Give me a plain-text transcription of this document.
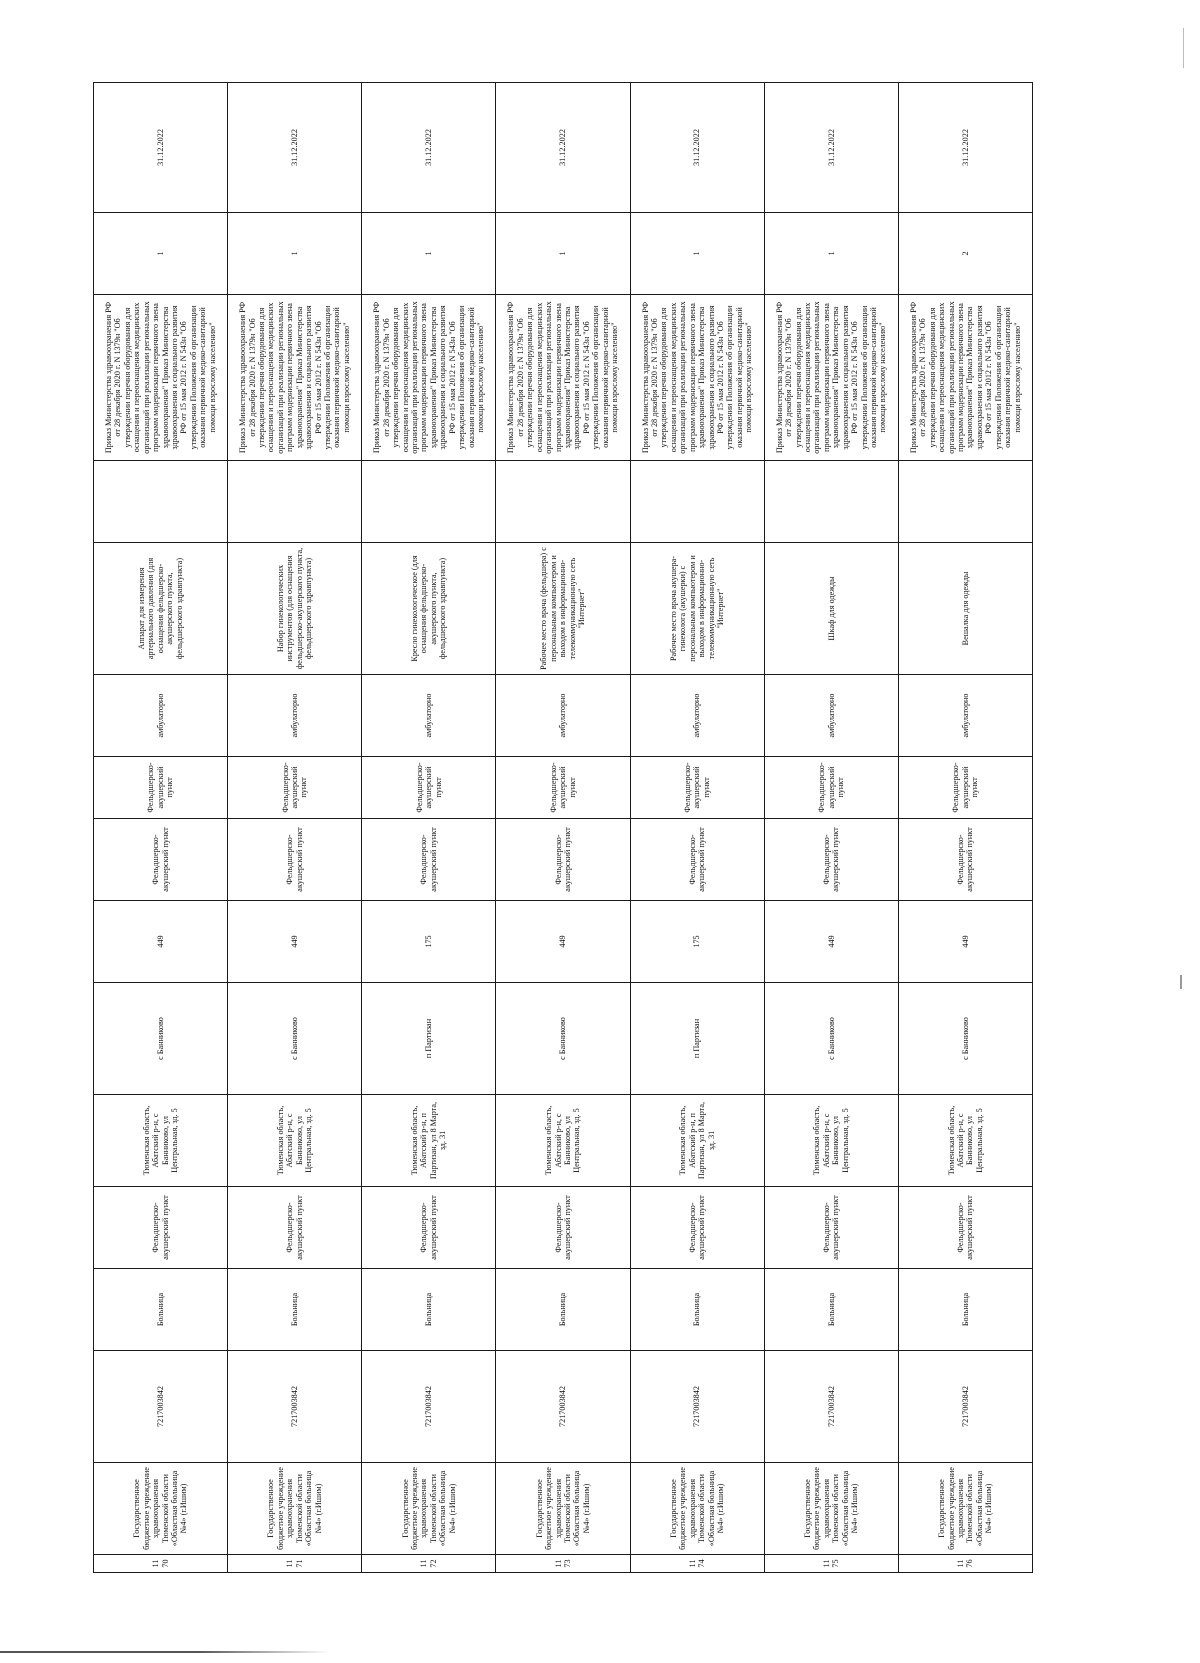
1170	Государственное бюджетное учреждение здравоохранения Тюменской области «Областная больница №4» (г.Ишим)	7217003842	Больница	Фельдшерско-акушерский пункт	Тюменская область, Абатский р-н, с Банниково, ул Центральная, зд. 5	с Банниково	449	Фельдшерско-акушерский пункт	Фельдшерско-акушерский пункт	амбулаторно	Аппарат для измерения артериального давления (для оснащения фельдшерско-акушерского пункта, фельдшерского здравпункта)		Приказ Министерства здравоохранения РФ от 28 декабря 2020 г. N 1379н "Об утверждении перечня оборудования для оснащения и переоснащения медицинских организаций при реализации региональных программ модернизации первичного звена здравоохранения" Приказ Министерства здравоохранения и социального развития РФ от 15 мая 2012 г. N 543н "Об утверждении Положения об организации оказания первичной медико-санитарной помощи взрослому населению"	1	31.12.2022
1171	Государственное бюджетное учреждение здравоохранения Тюменской области «Областная больница №4» (г.Ишим)	7217003842	Больница	Фельдшерско-акушерский пункт	Тюменская область, Абатский р-н, с Банниково, ул Центральная, зд. 5	с Банниково	449	Фельдшерско-акушерский пункт	Фельдшерско-акушерский пункт	амбулаторно	Набор гинекологических инструментов (для оснащения фельдшерско-акушерского пункта, фельдшерского здравпункта)		Приказ Министерства здравоохранения РФ от 28 декабря 2020 г. N 1379н "Об утверждении перечня оборудования для оснащения и переоснащения медицинских организаций при реализации региональных программ модернизации первичного звена здравоохранения" Приказ Министерства здравоохранения и социального развития РФ от 15 мая 2012 г. N 543н "Об утверждении Положения об организации оказания первичной медико-санитарной помощи взрослому населению"	1	31.12.2022
1172	Государственное бюджетное учреждение здравоохранения Тюменской области «Областная больница №4» (г.Ишим)	7217003842	Больница	Фельдшерско-акушерский пункт	Тюменская область, Абатский р-н, п Партизан, ул 8 Марта, зд. 31	п Партизан	175	Фельдшерско-акушерский пункт	Фельдшерско-акушерский пункт	амбулаторно	Кресло гинекологическое (для оснащения фельдшерско-акушерского пункта, фельдшерского здравпункта)		Приказ Министерства здравоохранения РФ от 28 декабря 2020 г. N 1379н "Об утверждении перечня оборудования для оснащения и переоснащения медицинских организаций при реализации региональных программ модернизации первичного звена здравоохранения" Приказ Министерства здравоохранения и социального развития РФ от 15 мая 2012 г. N 543н "Об утверждении Положения об организации оказания первичной медико-санитарной помощи взрослому населению"	1	31.12.2022
1173	Государственное бюджетное учреждение здравоохранения Тюменской области «Областная больница №4» (г.Ишим)	7217003842	Больница	Фельдшерско-акушерский пункт	Тюменская область, Абатский р-н, с Банниково, ул Центральная, зд. 5	с Банниково	449	Фельдшерско-акушерский пункт	Фельдшерско-акушерский пункт	амбулаторно	Рабочее место врача (фельдшера) с персональным компьютером и выходом в информационно-телекоммуникационную сеть "Интернет"		Приказ Министерства здравоохранения РФ от 28 декабря 2020 г. N 1379н "Об утверждении перечня оборудования для оснащения и переоснащения медицинских организаций при реализации региональных программ модернизации первичного звена здравоохранения" Приказ Министерства здравоохранения и социального развития РФ от 15 мая 2012 г. N 543н "Об утверждении Положения об организации оказания первичной медико-санитарной помощи взрослому населению"	1	31.12.2022
1174	Государственное бюджетное учреждение здравоохранения Тюменской области «Областная больница №4» (г.Ишим)	7217003842	Больница	Фельдшерско-акушерский пункт	Тюменская область, Абатский р-н, п Партизан, ул 8 Марта, зд. 31	п Партизан	175	Фельдшерско-акушерский пункт	Фельдшерско-акушерский пункт	амбулаторно	Рабочее место врача акушера-гинеколога (акушерки) с персональным компьютером и выходом в информационно-телекоммуникационную сеть "Интернет"		Приказ Министерства здравоохранения РФ от 28 декабря 2020 г. N 1379н "Об утверждении перечня оборудования для оснащения и переоснащения медицинских организаций при реализации региональных программ модернизации первичного звена здравоохранения" Приказ Министерства здравоохранения и социального развития РФ от 15 мая 2012 г. N 543н "Об утверждении Положения об организации оказания первичной медико-санитарной помощи взрослому населению"	1	31.12.2022
1175	Государственное бюджетное учреждение здравоохранения Тюменской области «Областная больница №4» (г.Ишим)	7217003842	Больница	Фельдшерско-акушерский пункт	Тюменская область, Абатский р-н, с Банниково, ул Центральная, зд. 5	с Банниково	449	Фельдшерско-акушерский пункт	Фельдшерско-акушерский пункт	амбулаторно	Шкаф для одежды		Приказ Министерства здравоохранения РФ от 28 декабря 2020 г. N 1379н "Об утверждении перечня оборудования для оснащения и переоснащения медицинских организаций при реализации региональных программ модернизации первичного звена здравоохранения" Приказ Министерства здравоохранения и социального развития РФ от 15 мая 2012 г. N 543н "Об утверждении Положения об организации оказания первичной медико-санитарной помощи взрослому населению"	1	31.12.2022
1176	Государственное бюджетное учреждение здравоохранения Тюменской области «Областная больница №4» (г.Ишим)	7217003842	Больница	Фельдшерско-акушерский пункт	Тюменская область, Абатский р-н, с Банниково, ул Центральная, зд. 5	с Банниково	449	Фельдшерско-акушерский пункт	Фельдшерско-акушерский пункт	амбулаторно	Вешалка для одежды		Приказ Министерства здравоохранения РФ от 28 декабря 2020 г. N 1379н "Об утверждении перечня оборудования для оснащения и переоснащения медицинских организаций при реализации региональных программ модернизации первичного звена здравоохранения" Приказ Министерства здравоохранения и социального развития РФ от 15 мая 2012 г. N 543н "Об утверждении Положения об организации оказания первичной медико-санитарной помощи взрослому населению"	2	31.12.2022
